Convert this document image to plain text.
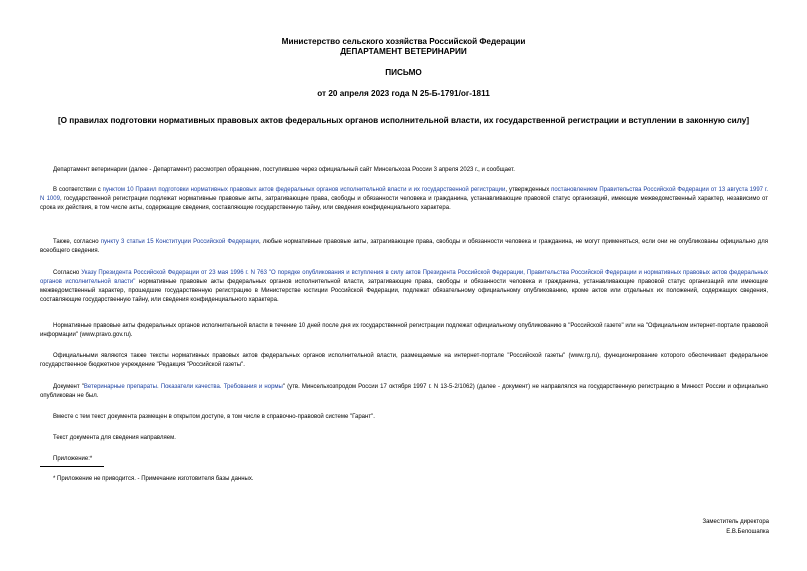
Министерство сельского хозяйства Российской Федерации
ДЕПАРТАМЕНТ ВЕТЕРИНАРИИ
ПИСЬМО
от 20 апреля 2023 года N 25-Б-1791/ог-1811
[О правилах подготовки нормативных правовых актов федеральных органов исполнительной власти, их государственной регистрации и вступлении в законную силу]

Департамент ветеринарии (далее - Департамент) рассмотрел обращение, поступившее через официальный сайт Минсельхоза России 3 апреля 2023 г., и сообщает.

В соответствии с пунктом 10 Правил подготовки нормативных правовых актов федеральных органов исполнительной власти и их государственной регистрации, утвержденных постановлением Правительства Российской Федерации от 13 августа 1997 г. N 1009, государственной регистрации подлежат нормативные правовые акты, затрагивающие права, свободы и обязанности человека и гражданина, устанавливающие правовой статус организаций, имеющие межведомственный характер, независимо от срока их действия, в том числе акты, содержащие сведения, составляющие государственную тайну, или сведения конфиденциального характера.

Также, согласно пункту 3 статьи 15 Конституции Российской Федерации, любые нормативные правовые акты, затрагивающие права, свободы и обязанности человека и гражданина, не могут применяться, если они не опубликованы официально для всеобщего сведения.

Согласно Указу Президента Российской Федерации от 23 мая 1996 г. N 763 "О порядке опубликования и вступления в силу актов Президента Российской Федерации, Правительства Российской Федерации и нормативных правовых актов федеральных органов исполнительной власти" нормативные правовые акты федеральных органов исполнительной власти, затрагивающие права, свободы и обязанности человека и гражданина, устанавливающие правовой статус организаций или имеющие межведомственный характер, прошедшие государственную регистрацию в Министерстве юстиции Российской Федерации, подлежат обязательному официальному опубликованию, кроме актов или отдельных их положений, содержащих сведения, составляющие государственную тайну, или сведения конфиденциального характера.

Нормативные правовые акты федеральных органов исполнительной власти в течение 10 дней после дня их государственной регистрации подлежат официальному опубликованию в "Российской газете" или на "Официальном интернет-портале правовой информации" (www.pravo.gov.ru).

Официальными являются также тексты нормативных правовых актов федеральных органов исполнительной власти, размещаемые на интернет-портале "Российской газеты" (www.rg.ru), функционирование которого обеспечивает федеральное государственное бюджетное учреждение "Редакция "Российской газеты".

Документ "Ветеринарные препараты. Показатели качества. Требования и нормы" (утв. Минсельхозпродом России 17 октября 1997 г. N 13-5-2/1062) (далее - документ) не направлялся на государственную регистрацию в Минюст России и официально опубликован не был.

Вместе с тем текст документа размещен в открытом доступе, в том числе в справочно-правовой системе "Гарант".

Текст документа для сведения направляем.

Приложение:*

* Приложение не приводится. - Примечание изготовителя базы данных.

Заместитель директора
Е.В.Белошапка
